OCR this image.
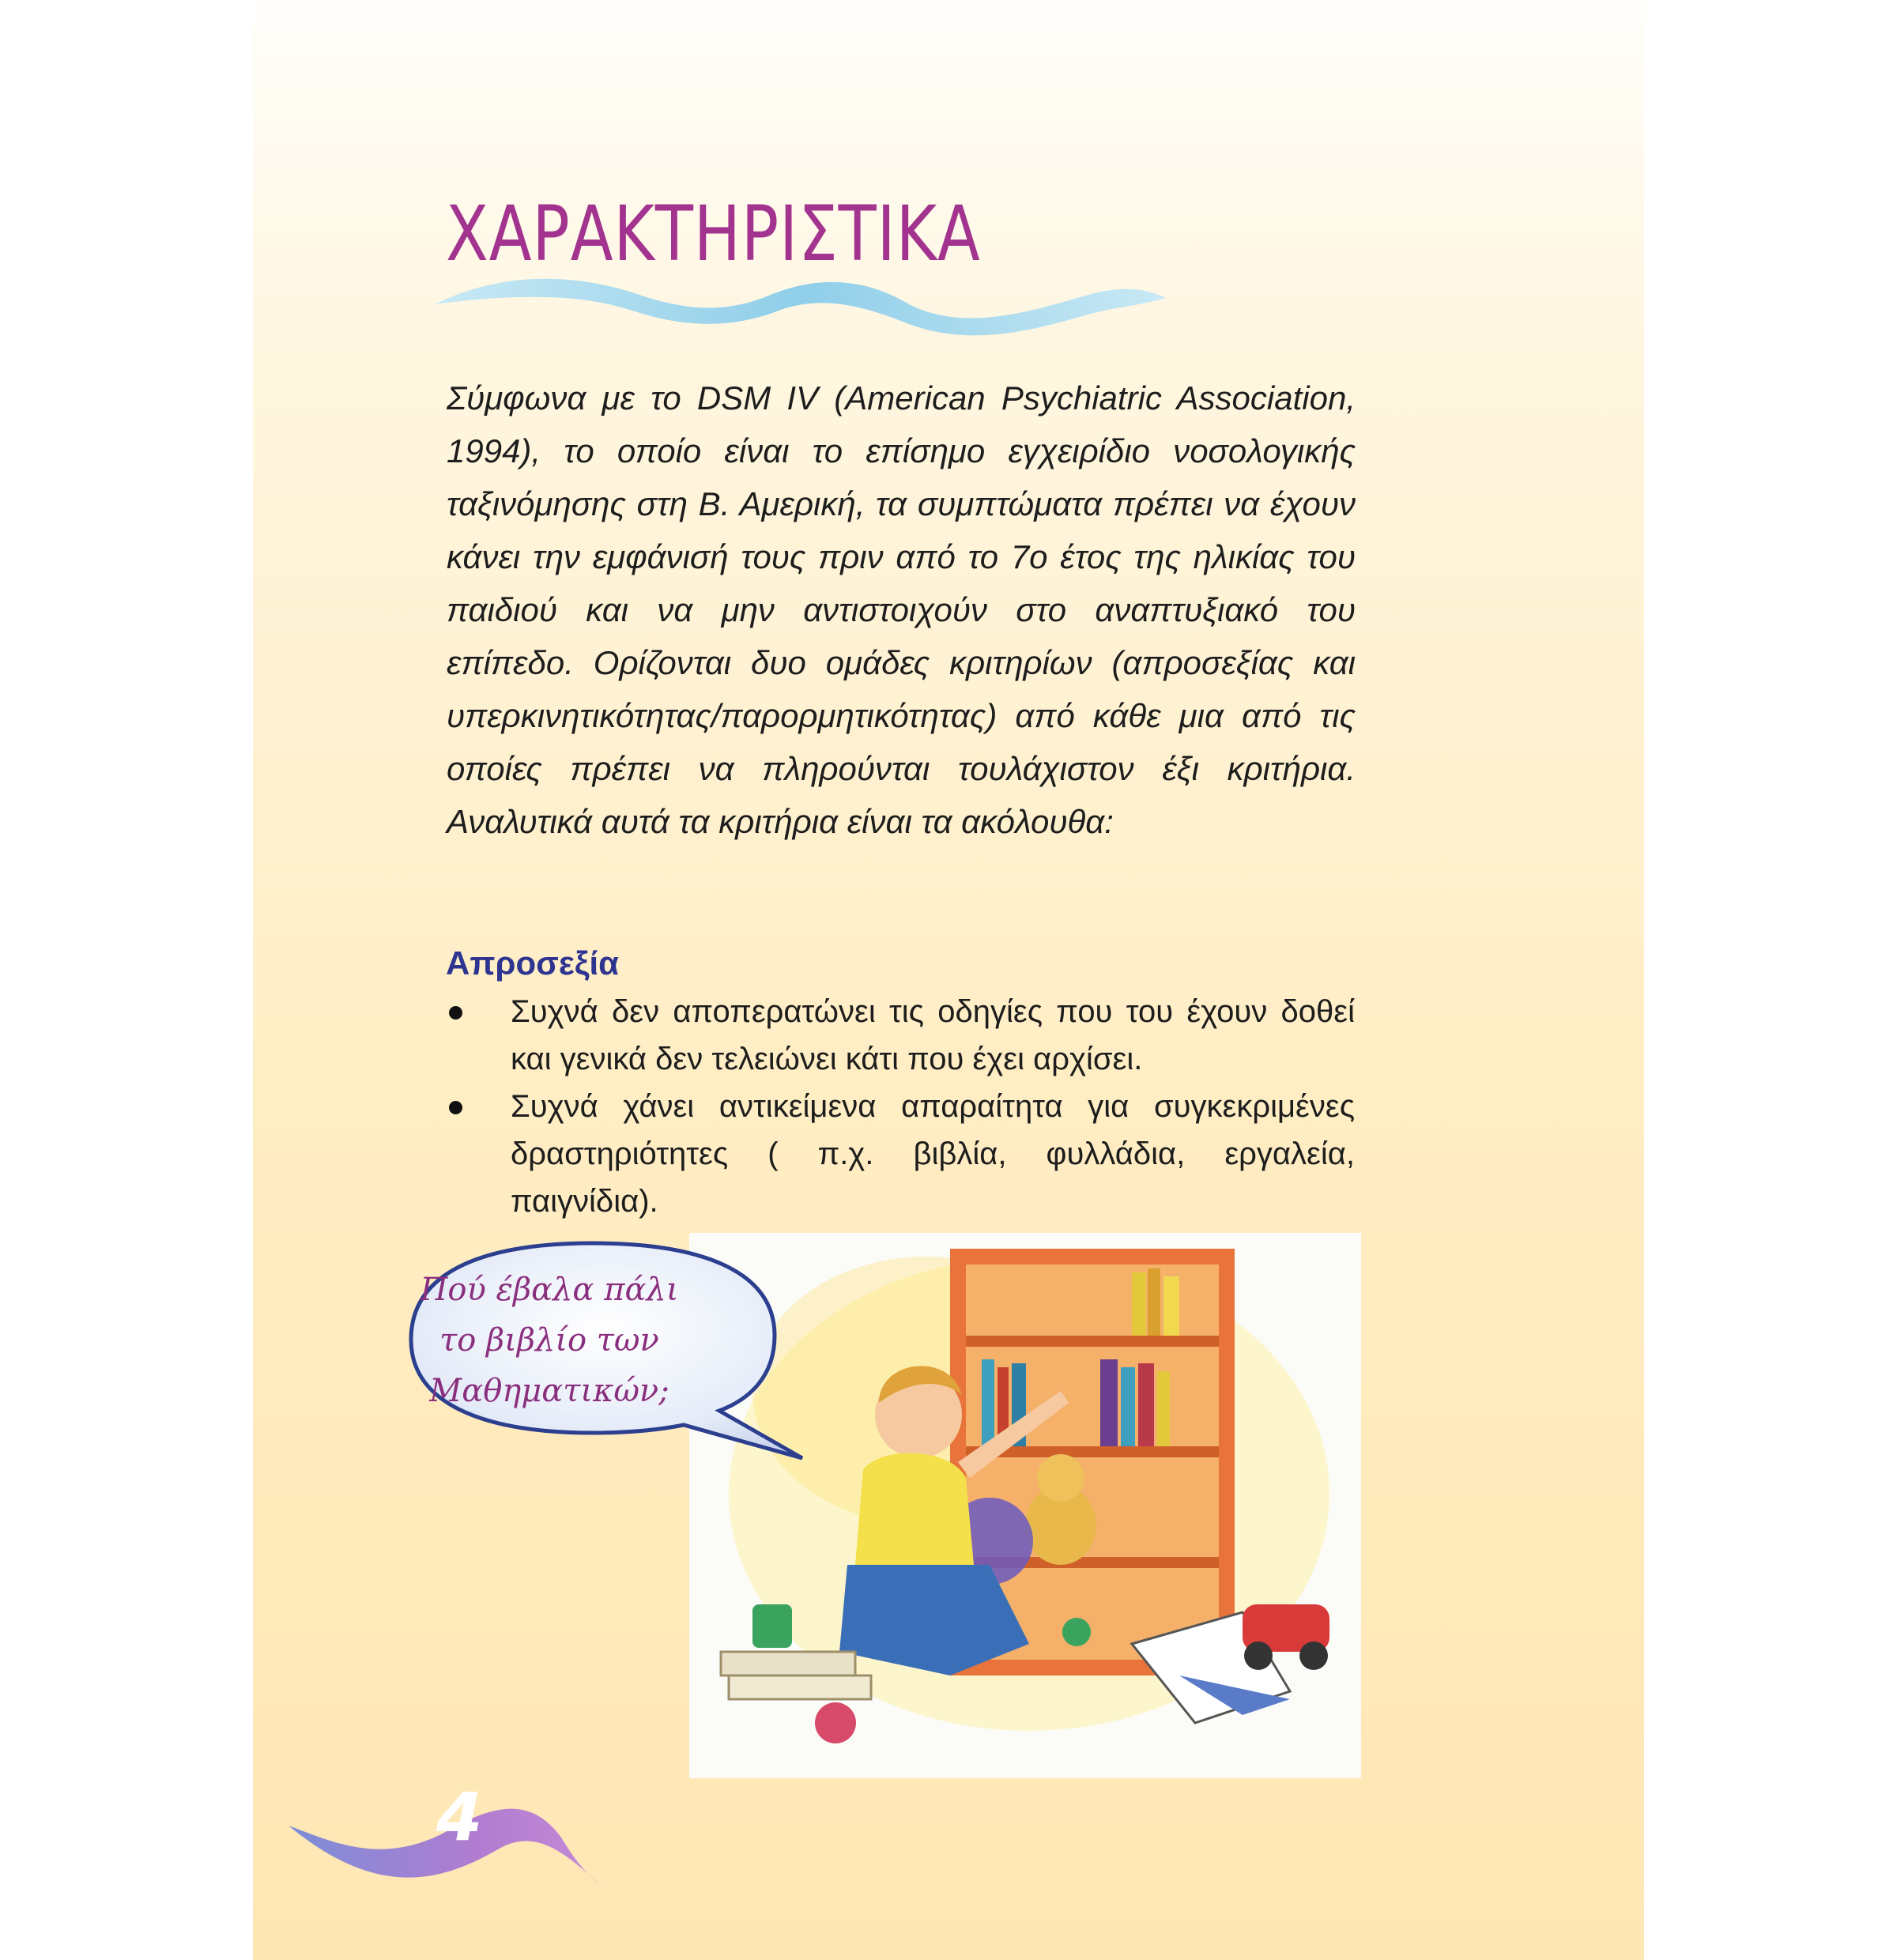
ΧΑΡΑΚΤΗΡΙΣΤΙΚΑ

Σύμφωνα με το DSM IV (American Psychiatric Association, 1994), το οποίο είναι το επίσημο εγχειρίδιο νοσολογικής ταξινόμησης στη Β. Αμερική, τα συμπτώματα πρέπει να έχουν κάνει την εμφάνισή τους πριν από το 7ο έτος της ηλικίας του παιδιού και να μην αντιστοιχούν στο αναπτυξιακό του επίπεδο. Ορίζονται δυο ομάδες κριτηρίων (απροσεξίας και υπερκινητικότητας/παρορμητικότητας) από κάθε μια από τις οποίες πρέπει να πληρούνται τουλάχιστον έξι κριτήρια. Αναλυτικά αυτά τα κριτήρια είναι τα ακόλουθα:

Απροσεξία
Συχνά δεν αποπερατώνει τις οδηγίες που του έχουν δοθεί και γενικά δεν τελειώνει κάτι που έχει αρχίσει.
Συχνά χάνει αντικείμενα απαραίτητα για συγκεκριμένες δραστηριότητες ( π.χ. βιβλία, φυλλάδια, εργαλεία, παιγνίδια).
Πού έβαλα πάλι
το βιβλίο των
Μαθηματικών;
4
